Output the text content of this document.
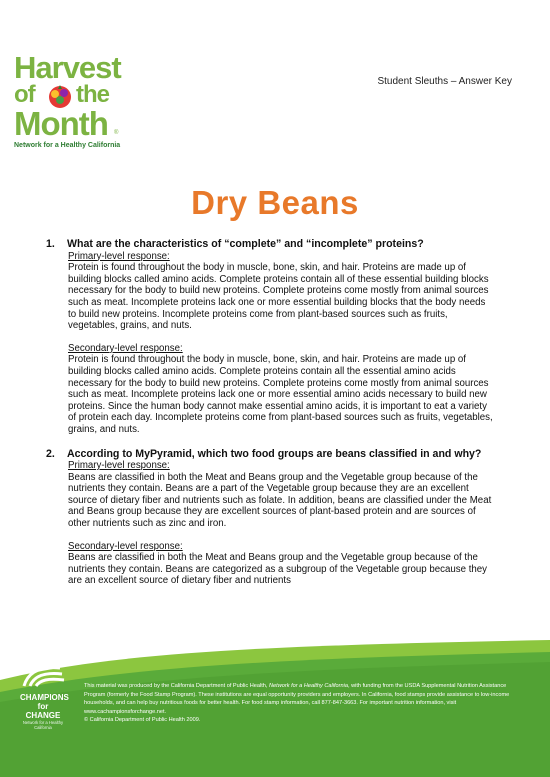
Harvest
of the
Month ®
Network for a Healthy California
Student Sleuths – Answer Key
Dry Beans
1.	What are the characteristics of “complete” and “incomplete” proteins?
Primary-level response:
Protein is found throughout the body in muscle, bone, skin, and hair. Proteins are made up of building blocks called amino acids. Complete proteins contain all of these essential building blocks necessary for the body to build new proteins. Complete proteins come mostly from animal sources such as meat. Incomplete proteins lack one or more essential building blocks that the body needs to build new proteins. Incomplete proteins come from plant-based sources such as fruits, vegetables, grains, and nuts.
Secondary-level response:
Protein is found throughout the body in muscle, bone, skin, and hair. Proteins are made up of building blocks called amino acids. Complete proteins contain all the essential amino acids necessary for the body to build new proteins. Complete proteins come mostly from animal sources such as meat. Incomplete proteins lack one or more essential amino acids necessary to build new proteins. Since the human body cannot make essential amino acids, it is important to eat a variety of protein each day. Incomplete proteins come from plant-based sources such as fruits, vegetables, grains, and nuts.
2.	According to MyPyramid, which two food groups are beans classified in and why?
Primary-level response:
Beans are classified in both the Meat and Beans group and the Vegetable group because of the nutrients they contain. Beans are a part of the Vegetable group because they are an excellent source of dietary fiber and nutrients such as folate. In addition, beans are classified under the Meat and Beans group because they are excellent sources of plant-based protein and are sources of other nutrients such as zinc and iron.
Secondary-level response:
Beans are classified in both the Meat and Beans group and the Vegetable group because of the nutrients they contain. Beans are categorized as a subgroup of the Vegetable group because they are an excellent source of dietary fiber and nutrients
CHAMPIONS
for CHANGE
Network for a Healthy California
This material was produced by the California Department of Public Health, Network for a Healthy California, with funding from the USDA Supplemental Nutrition Assistance Program (formerly the Food Stamp Program). These institutions are equal opportunity providers and employers. In California, food stamps provide assistance to low-income households, and can help buy nutritious foods for better health. For food stamp information, call 877-847-3663. For important nutrition information, visit www.cachampionsforchange.net.
© California Department of Public Health 2009.
